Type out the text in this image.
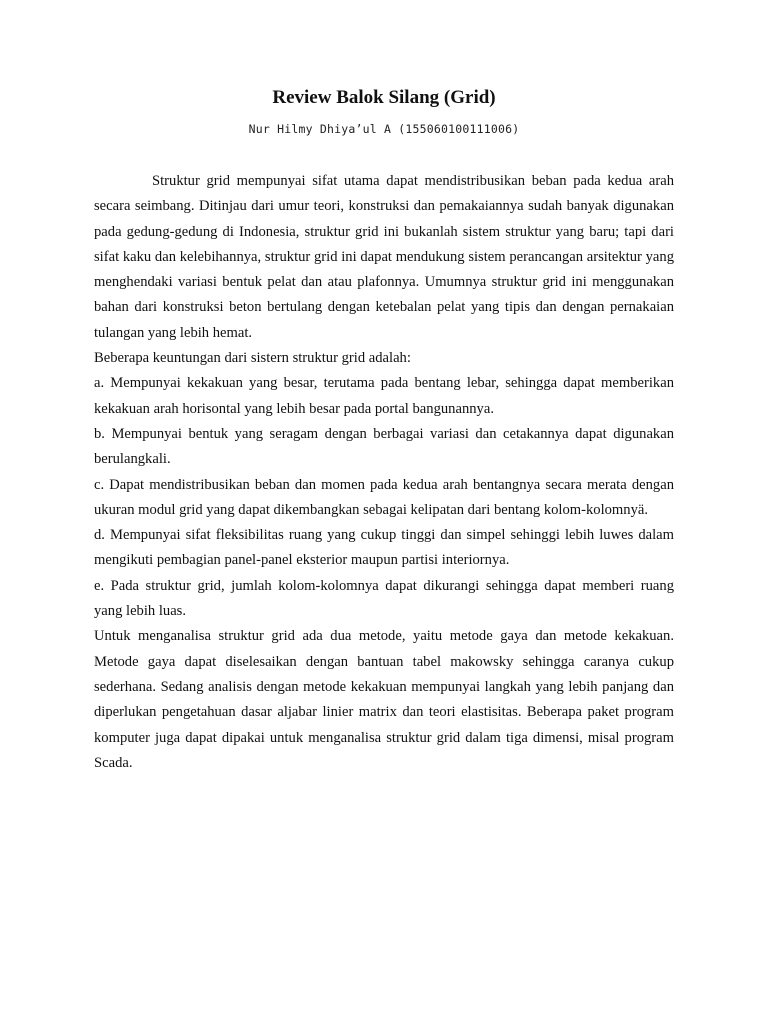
Review Balok Silang (Grid)
Nur Hilmy Dhiya’ul A (155060100111006)

Struktur grid mempunyai sifat utama dapat mendistribusikan beban pada kedua arah secara seimbang. Ditinjau dari umur teori, konstruksi dan pemakaiannya sudah banyak digunakan pada gedung-gedung di Indonesia, struktur grid ini bukanlah sistem struktur yang baru; tapi dari sifat kaku dan kelebihannya, struktur grid ini dapat mendukung sistem perancangan arsitektur yang menghendaki variasi bentuk pelat dan atau plafonnya. Umumnya struktur grid ini menggunakan bahan dari konstruksi beton bertulang dengan ketebalan pelat yang tipis dan dengan pernakaian tulangan yang lebih hemat.

Beberapa keuntungan dari sistern struktur grid adalah:

a. Mempunyai kekakuan yang besar, terutama pada bentang lebar, sehingga dapat memberikan kekakuan arah horisontal yang lebih besar pada portal bangunannya.

b. Mempunyai bentuk yang seragam dengan berbagai variasi dan cetakannya dapat digunakan berulangkali.

c. Dapat mendistribusikan beban dan momen pada kedua arah bentangnya secara merata dengan ukuran modul grid yang dapat dikembangkan sebagai kelipatan dari bentang kolom-kolomnyä.

d. Mempunyai sifat fleksibilitas ruang yang cukup tinggi dan simpel sehinggi lebih luwes dalam mengikuti pembagian panel-panel eksterior maupun partisi interiornya.

e. Pada struktur grid, jumlah kolom-kolomnya dapat dikurangi sehingga dapat memberi ruang yang lebih luas.

Untuk menganalisa struktur grid ada dua metode, yaitu metode gaya dan metode kekakuan. Metode gaya dapat diselesaikan dengan bantuan tabel makowsky sehingga caranya cukup sederhana. Sedang analisis dengan metode kekakuan mempunyai langkah yang lebih panjang dan diperlukan pengetahuan dasar aljabar linier matrix dan teori elastisitas. Beberapa paket program komputer juga dapat dipakai untuk menganalisa struktur grid dalam tiga dimensi, misal program Scada.
